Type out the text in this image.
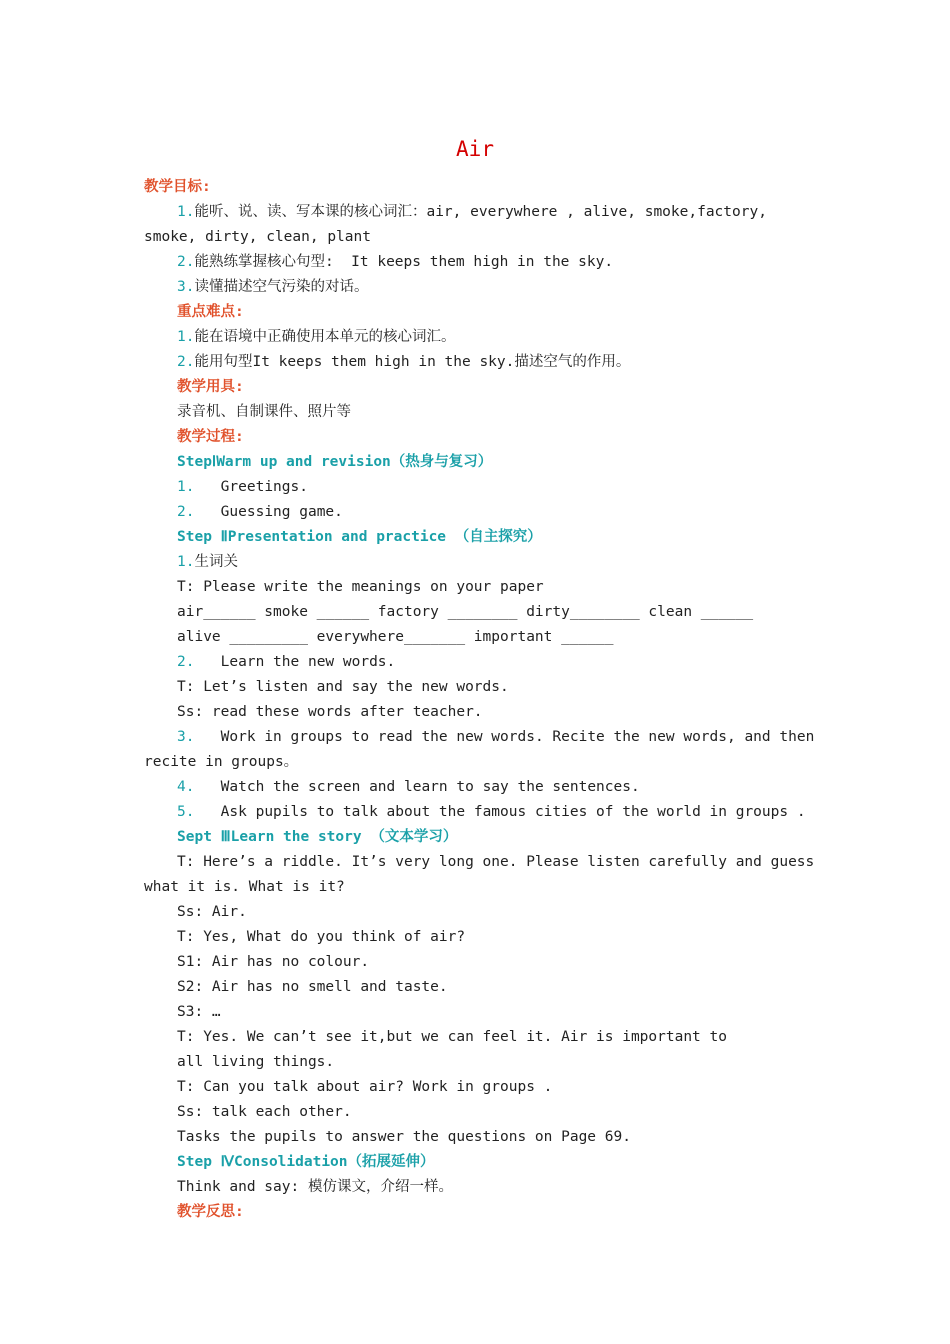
Air
教学目标:
1.能听、说、读、写本课的核心词汇：air, everywhere , alive, smoke,factory,
smoke, dirty, clean, plant
2.能熟练掌握核心句型:  It keeps them high in the sky.
3.读懂描述空气污染的对话。
重点难点:
1.能在语境中正确使用本单元的核心词汇。
2.能用句型It keeps them high in the sky.描述空气的作用。
教学用具:
录音机、自制课件、照片等
教学过程:
StepⅠWarm up and revision（热身与复习）
1. Greetings.
2. Guessing game.
Step ⅡPresentation and practice （自主探究）
1.生词关
T: Please write the meanings on your paper
air______ smoke ______ factory ________ dirty________ clean ______
alive _________ everywhere_______ important ______
2. Learn the new words.
T: Let’s listen and say the new words.
Ss: read these words after teacher.
3. Work in groups to read the new words. Recite the new words, and then
recite in groups。
4. Watch the screen and learn to say the sentences.
5. Ask pupils to talk about the famous cities of the world in groups .
Sept ⅢLearn the story （文本学习）
T: Here’s a riddle. It’s very long one. Please listen carefully and guess
what it is. What is it?
Ss: Air.
T: Yes, What do you think of air?
S1: Air has no colour.
S2: Air has no smell and taste.
S3: …
T: Yes. We can’t see it,but we can feel it. Air is important to
all living things.
T: Can you talk about air? Work in groups .
Ss: talk each other.
Tasks the pupils to answer the questions on Page 69.
Step ⅣConsolidation（拓展延伸）
Think and say: 模仿课文，介绍一样。
教学反思:
